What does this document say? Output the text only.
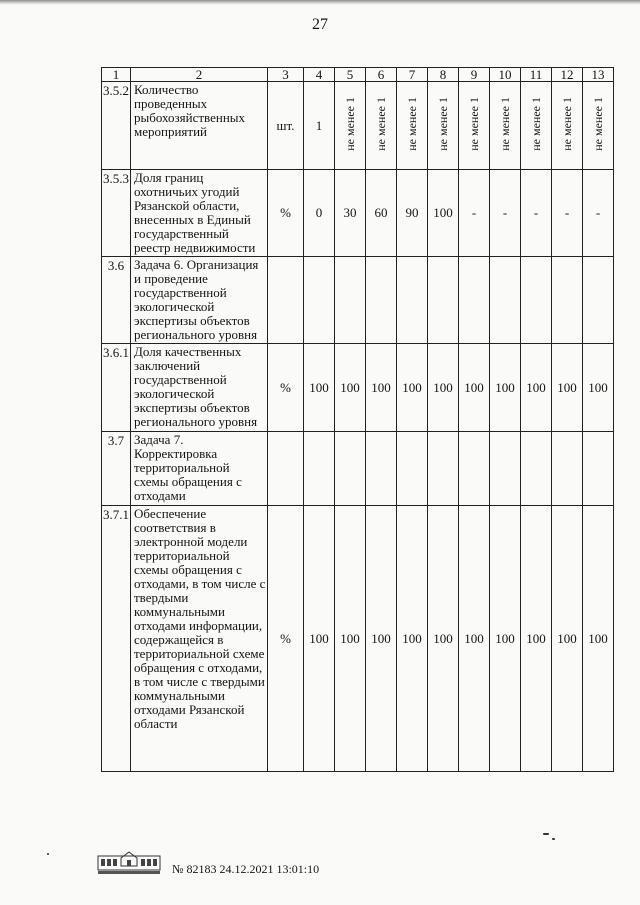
27
1	2	3	4	5	6	7	8	9	10	11	12	13
3.5.2	Количество проведенных рыбохозяйственных мероприятий	шт.	1	не менее 1	не менее 1	не менее 1	не менее 1	не менее 1	не менее 1	не менее 1	не менее 1	не менее 1
3.5.3	Доля границ охотничьих угодий Рязанской области, внесенных в Единый государственный реестр недвижимости	%	0	30	60	90	100	-	-	-	-	-
3.6	Задача 6. Организация и проведение государственной экологической экспертизы объектов регионального уровня											
3.6.1	Доля качественных заключений государственной экологической экспертизы объектов регионального уровня	%	100	100	100	100	100	100	100	100	100	100
3.7	Задача 7. Корректировка территориальной схемы обращения с отходами											
3.7.1	Обеспечение соответствия в электронной модели территориальной схемы обращения с отходами, в том числе с твердыми коммунальными отходами информации, содержащейся в территориальной схеме обращения с отходами, в том числе с твердыми коммунальными отходами Рязанской области	%	100	100	100	100	100	100	100	100	100	100
№ 82183 24.12.2021 13:01:10
